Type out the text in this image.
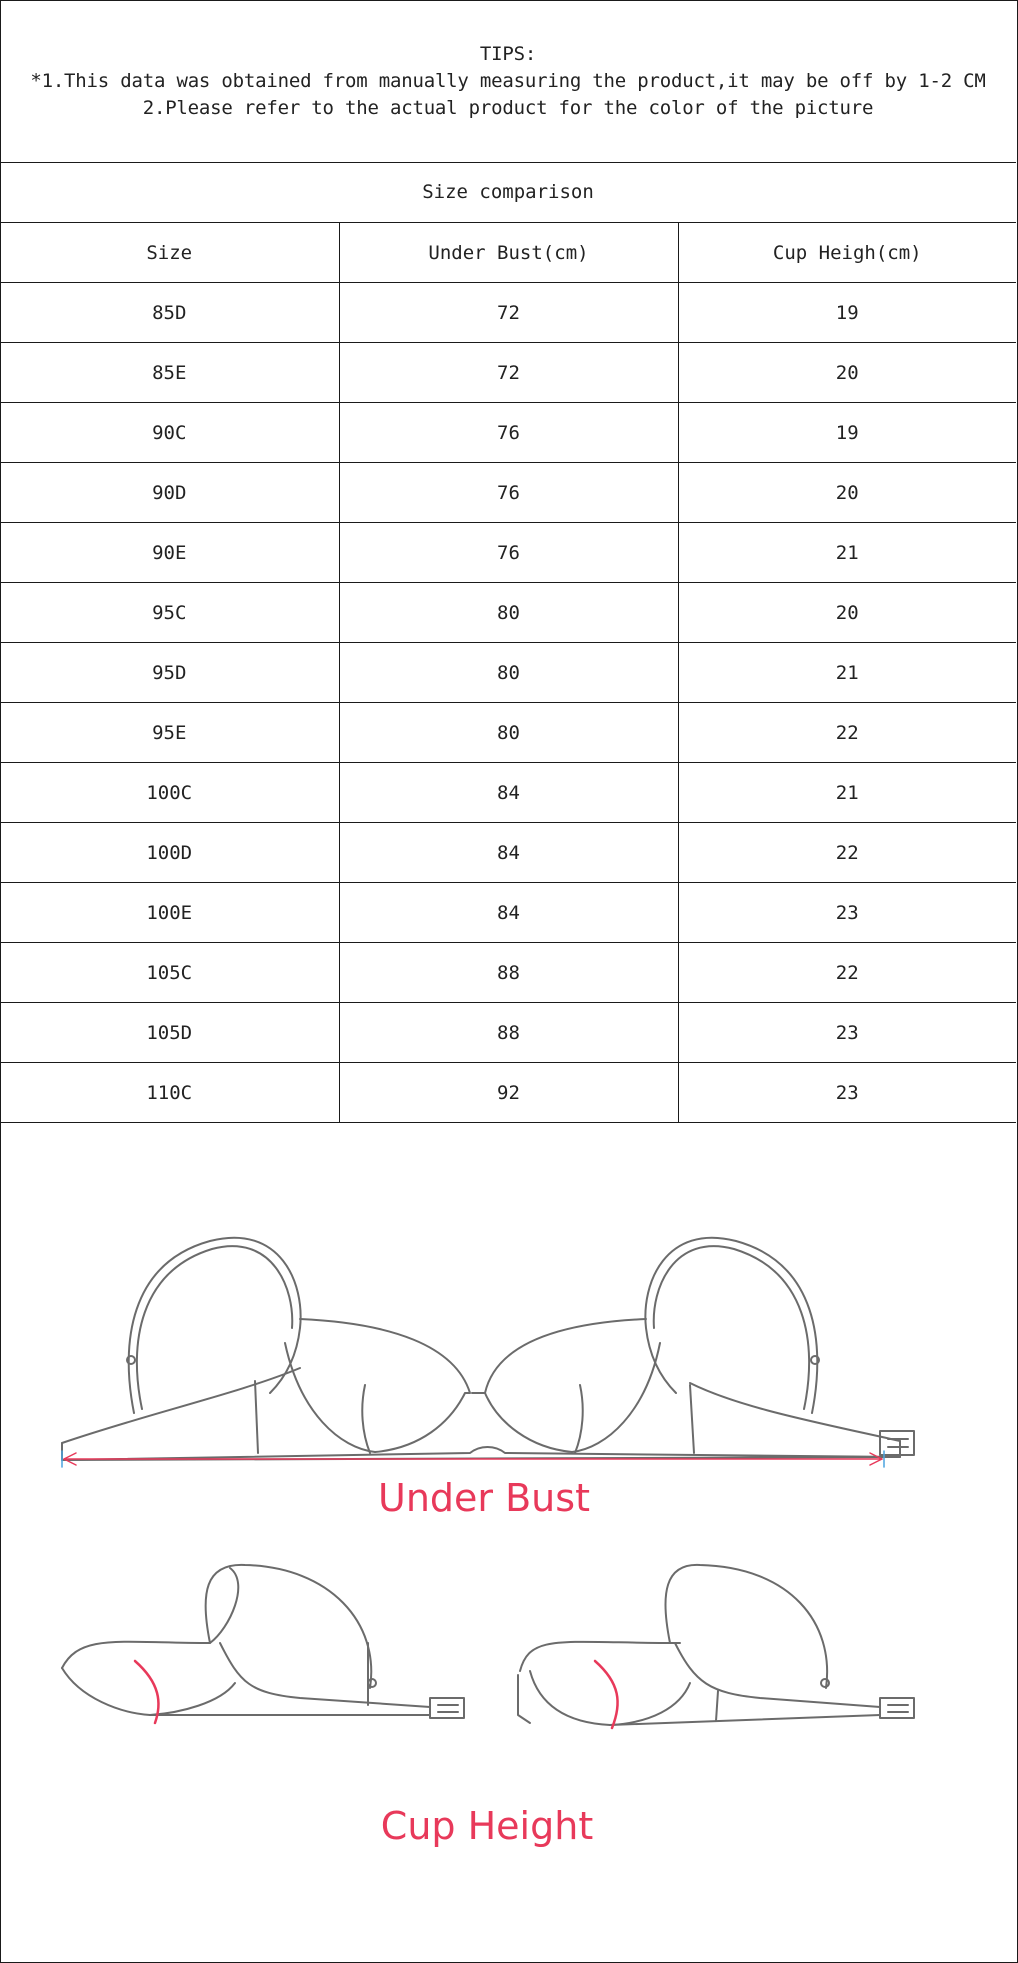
TIPS:
*1.This data was obtained from manually measuring the product,it may be off by 1-2 CM
2.Please refer to the actual product for the color of the picture
Size comparison
Size	Under Bust(cm)	Cup Heigh(cm)
85D	72	19
85E	72	20
90C	76	19
90D	76	20
90E	76	21
95C	80	20
95D	80	21
95E	80	22
100C	84	21
100D	84	22
100E	84	23
105C	88	22
105D	88	23
110C	92	23
Under Bust
Cup Height
